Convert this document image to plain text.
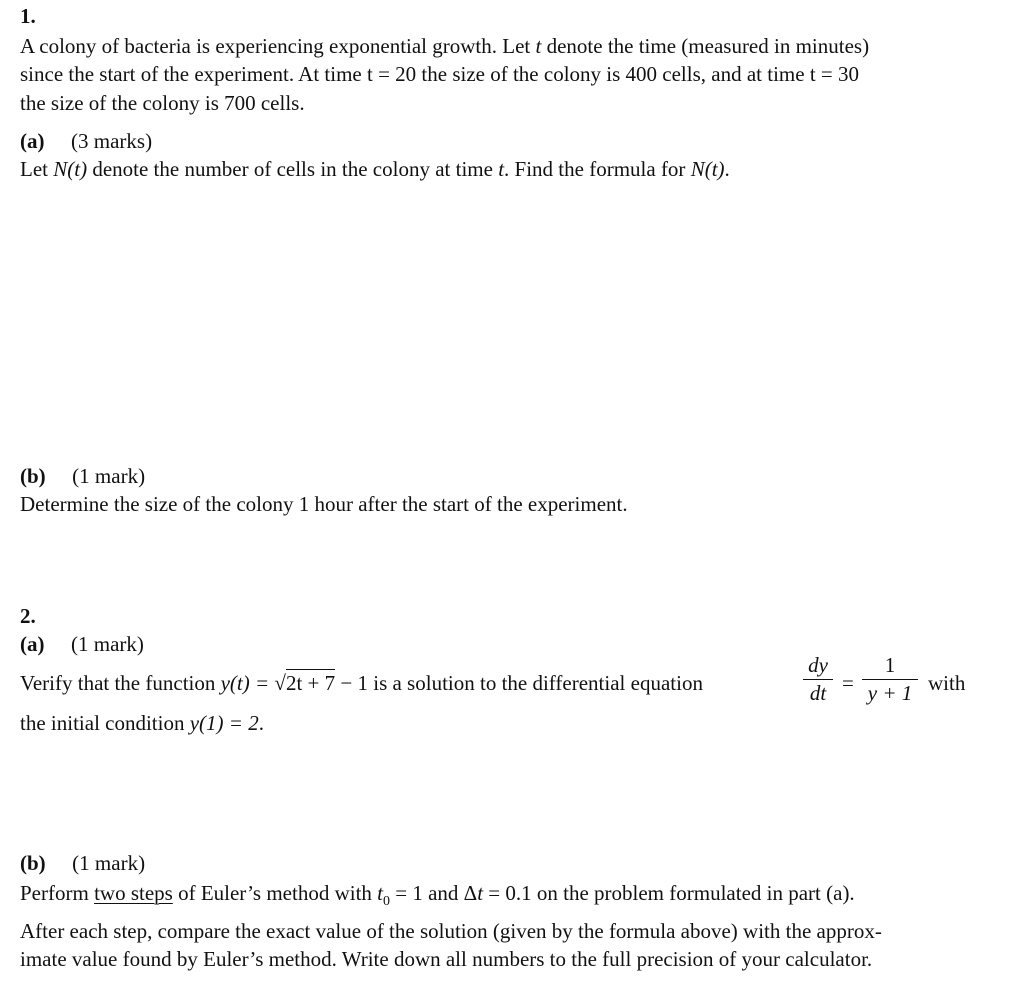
1.
A colony of bacteria is experiencing exponential growth. Let t denote the time (measured in minutes)
since the start of the experiment. At time t = 20 the size of the colony is 400 cells, and at time t = 30
the size of the colony is 700 cells.
(a) (3 marks)
Let N(t) denote the number of cells in the colony at time t. Find the formula for N(t).
(b) (1 mark)
Determine the size of the colony 1 hour after the start of the experiment.
2.
(a) (1 mark)
Verify that the function y(t) = √2t + 7 − 1 is a solution to the differential equation
dy
dt =
1
y + 1 with
the initial condition y(1) = 2.
(b) (1 mark)
Perform two steps of Euler’s method with $t_0 = 1$ and Δt = 0.1 on the problem formulated in part (a).
After each step, compare the exact value of the solution (given by the formula above) with the approx-
imate value found by Euler’s method. Write down all numbers to the full precision of your calculator.
